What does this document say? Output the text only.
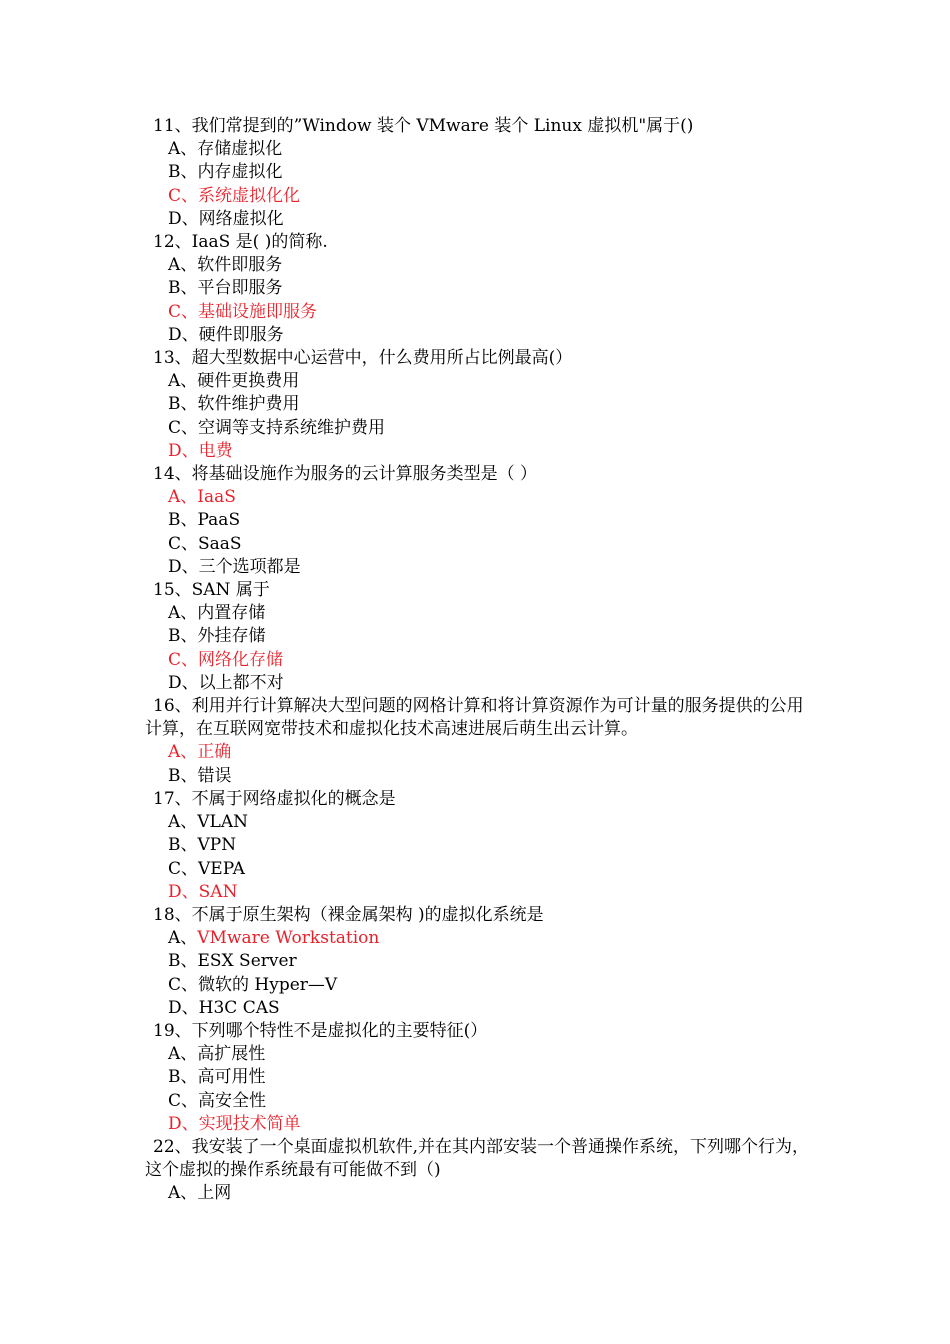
11、我们常提到的”Window 装个 VMware 装个 Linux 虚拟机"属于()

A、存储虚拟化

B、内存虚拟化

C、系统虚拟化化

D、网络虚拟化

12、IaaS 是( )的简称.

A、软件即服务

B、平台即服务

C、基础设施即服务

D、硬件即服务

13、超大型数据中心运营中，什么费用所占比例最高(）

A、硬件更换费用

B、软件维护费用

C、空调等支持系统维护费用

D、电费

14、将基础设施作为服务的云计算服务类型是（ ）

A、IaaS

B、PaaS

C、SaaS

D、三个选项都是

15、SAN 属于

A、内置存储

B、外挂存储

C、网络化存储

D、以上都不对

16、利用并行计算解决大型问题的网格计算和将计算资源作为可计量的服务提供的公用计算，在互联网宽带技术和虚拟化技术高速进展后萌生出云计算。

A、正确

B、错误

17、不属于网络虚拟化的概念是

A、VLAN

B、VPN

C、VEPA

D、SAN

18、不属于原生架构（裸金属架构 )的虚拟化系统是

A、VMware Workstation

B、ESX Server

C、微软的 Hyper—V

D、H3C CAS

19、下列哪个特性不是虚拟化的主要特征(）

A、高扩展性

B、高可用性

C、高安全性

D、实现技术简单

22、我安装了一个桌面虚拟机软件,并在其内部安装一个普通操作系统，下列哪个行为，这个虚拟的操作系统最有可能做不到（)

A、上网
